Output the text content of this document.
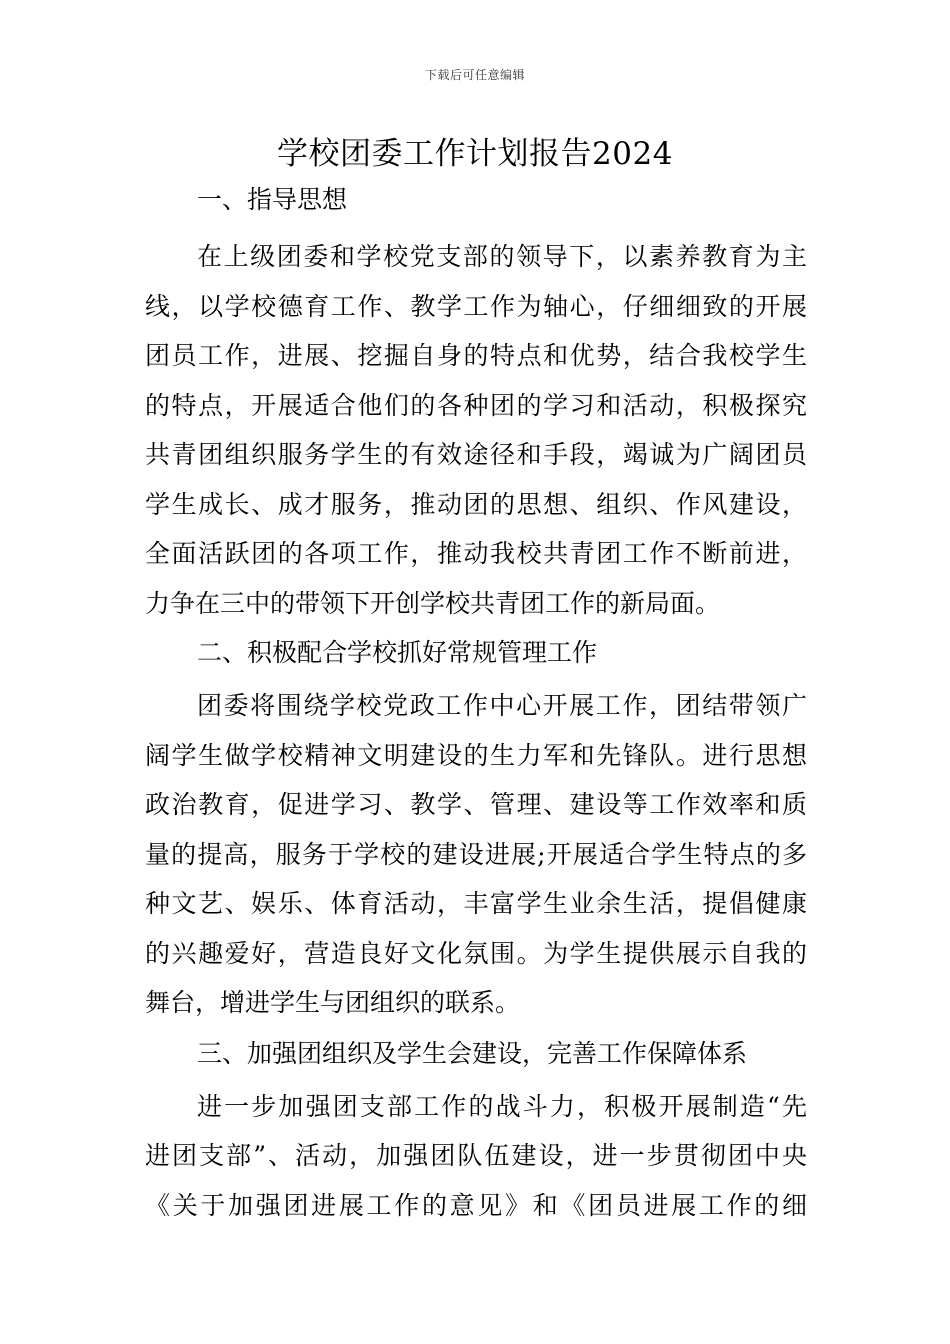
下载后可任意编辑
学校团委工作计划报告2024

一、指导思想

在上级团委和学校党支部的领导下，以素养教育为主
线，以学校德育工作、教学工作为轴心，仔细细致的开展
团员工作，进展、挖掘自身的特点和优势，结合我校学生
的特点，开展适合他们的各种团的学习和活动，积极探究
共青团组织服务学生的有效途径和手段，竭诚为广阔团员
学生成长、成才服务，推动团的思想、组织、作风建设，
全面活跃团的各项工作，推动我校共青团工作不断前进，
力争在三中的带领下开创学校共青团工作的新局面。

二、积极配合学校抓好常规管理工作

团委将围绕学校党政工作中心开展工作，团结带领广
阔学生做学校精神文明建设的生力军和先锋队。进行思想
政治教育，促进学习、教学、管理、建设等工作效率和质
量的提高，服务于学校的建设进展;开展适合学生特点的多
种文艺、娱乐、体育活动，丰富学生业余生活，提倡健康
的兴趣爱好，营造良好文化氛围。为学生提供展示自我的
舞台，增进学生与团组织的联系。

三、加强团组织及学生会建设，完善工作保障体系

进一步加强团支部工作的战斗力，积极开展制造“先
进团支部”、活动，加强团队伍建设，进一步贯彻团中央
《关于加强团进展工作的意见》和《团员进展工作的细
